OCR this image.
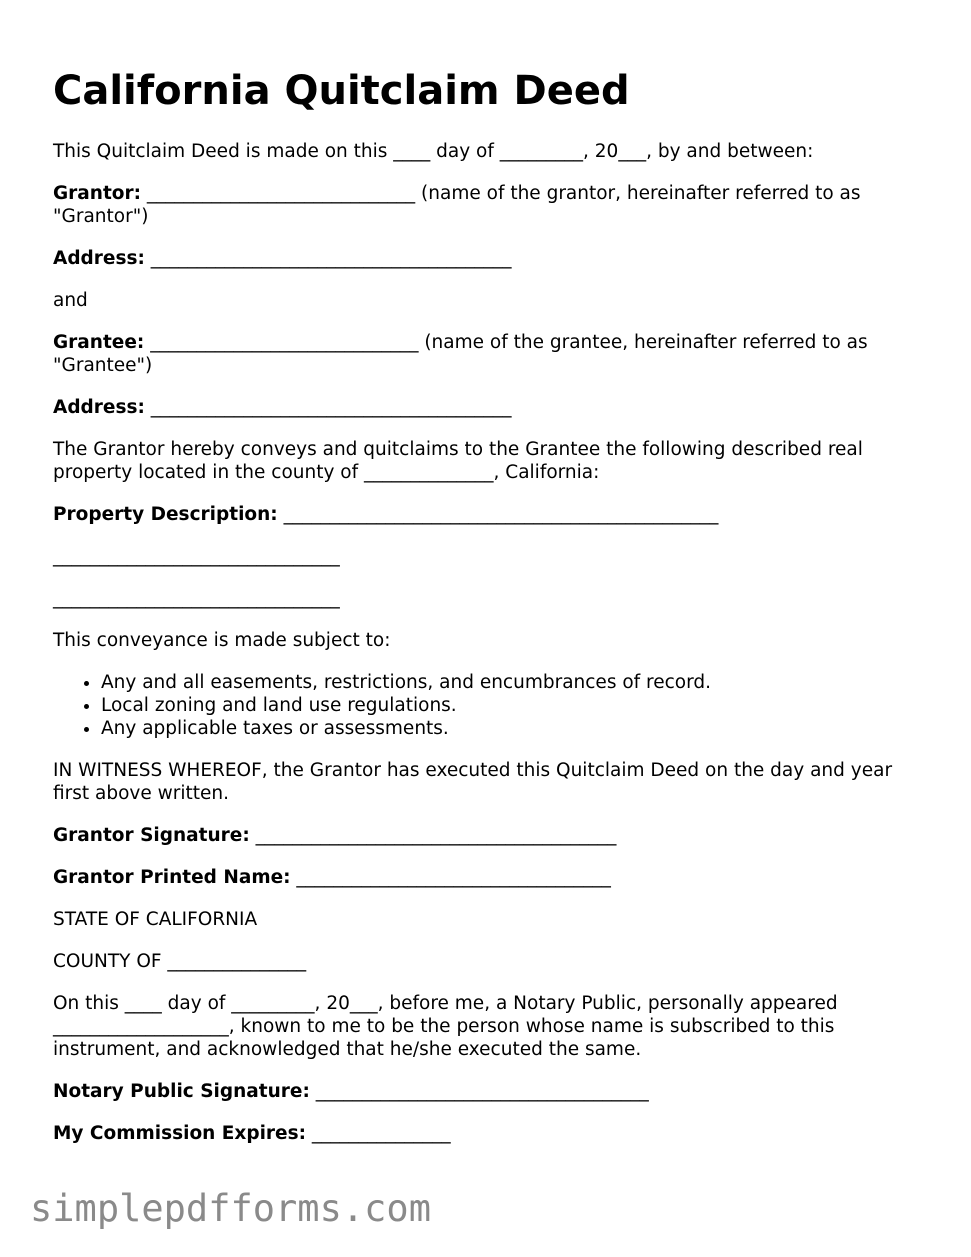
California Quitclaim Deed

This Quitclaim Deed is made on this ____ day of _________, 20___, by and between:

Grantor: _____________________________ (name of the grantor, hereinafter referred to as "Grantor")

Address: _______________________________________

and

Grantee: _____________________________ (name of the grantee, hereinafter referred to as "Grantee")

Address: _______________________________________

The Grantor hereby conveys and quitclaims to the Grantee the following described real property located in the county of ______________, California:

Property Description: _______________________________________________

_______________________________

_______________________________

This conveyance is made subject to:

• Any and all easements, restrictions, and encumbrances of record.
• Local zoning and land use regulations.
• Any applicable taxes or assessments.

IN WITNESS WHEREOF, the Grantor has executed this Quitclaim Deed on the day and year first above written.

Grantor Signature: _______________________________________

Grantor Printed Name: __________________________________

STATE OF CALIFORNIA

COUNTY OF _______________

On this ____ day of _________, 20___, before me, a Notary Public, personally appeared ___________________, known to me to be the person whose name is subscribed to this instrument, and acknowledged that he/she executed the same.

Notary Public Signature: ____________________________________

My Commission Expires: _______________

simplepdfforms.com
